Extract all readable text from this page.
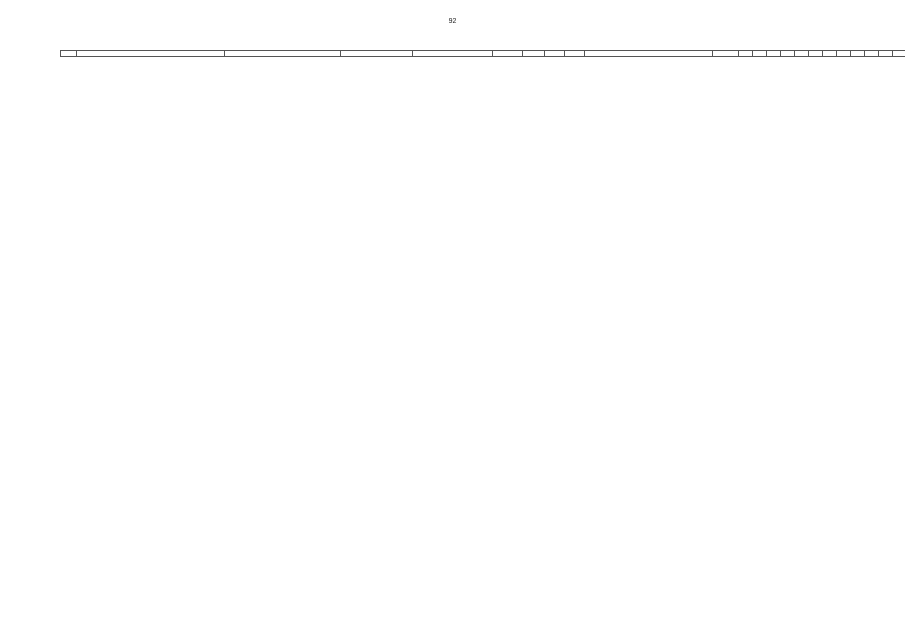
92
